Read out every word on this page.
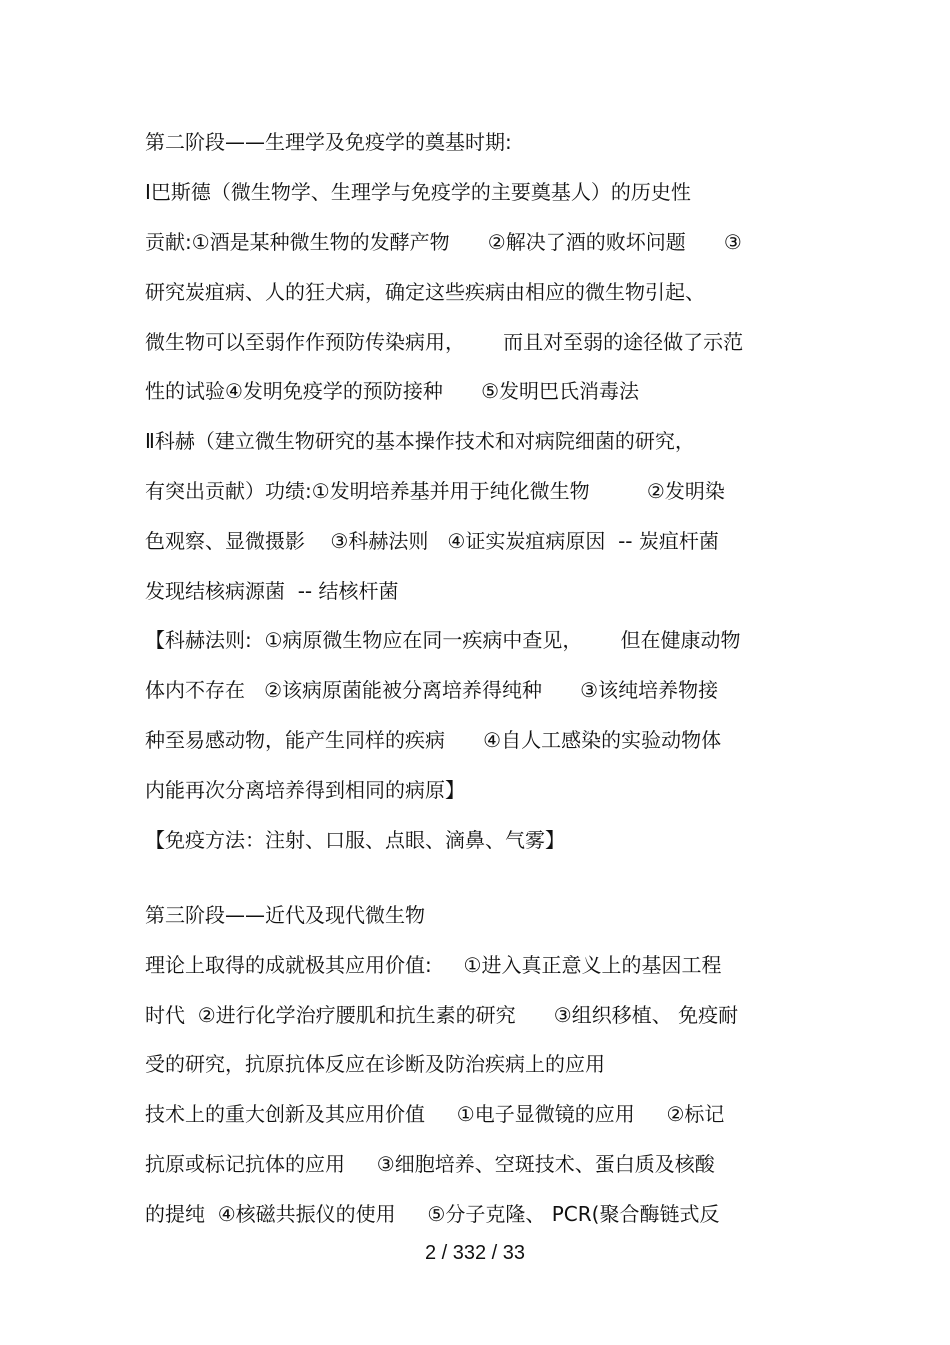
第二阶段——生理学及免疫学的奠基时期:
Ⅰ巴斯德（微生物学、生理学与免疫学的主要奠基人）的历史性
贡献:①酒是某种微生物的发酵产物      ②解决了酒的败坏问题      ③
研究炭疽病、人的狂犬病，确定这些疾病由相应的微生物引起、
微生物可以至弱作作预防传染病用，      而且对至弱的途径做了示范
性的试验④发明免疫学的预防接种      ⑤发明巴氏消毒法
Ⅱ科赫（建立微生物研究的基本操作技术和对病院细菌的研究，
有突出贡献）功绩:①发明培养基并用于纯化微生物         ②发明染
色观察、显微摄影    ③科赫法则   ④证实炭疽病原因  -- 炭疽杆菌
发现结核病源菌  -- 结核杆菌
【科赫法则:  ①病原微生物应在同一疾病中查见，      但在健康动物
体内不存在   ②该病原菌能被分离培养得纯种      ③该纯培养物接
种至易感动物，能产生同样的疾病      ④自人工感染的实验动物体
内能再次分离培养得到相同的病原】
【免疫方法：注射、口服、点眼、滴鼻、气雾】
第三阶段——近代及现代微生物
理论上取得的成就极其应用价值:     ①进入真正意义上的基因工程
时代  ②进行化学治疗腰肌和抗生素的研究      ③组织移植、 免疫耐
受的研究，抗原抗体反应在诊断及防治疾病上的应用
技术上的重大创新及其应用价值     ①电子显微镜的应用     ②标记
抗原或标记抗体的应用     ③细胞培养、空斑技术、蛋白质及核酸
的提纯  ④核磁共振仪的使用     ⑤分子克隆、 PCR(聚合酶链式反
2 / 332 / 33
